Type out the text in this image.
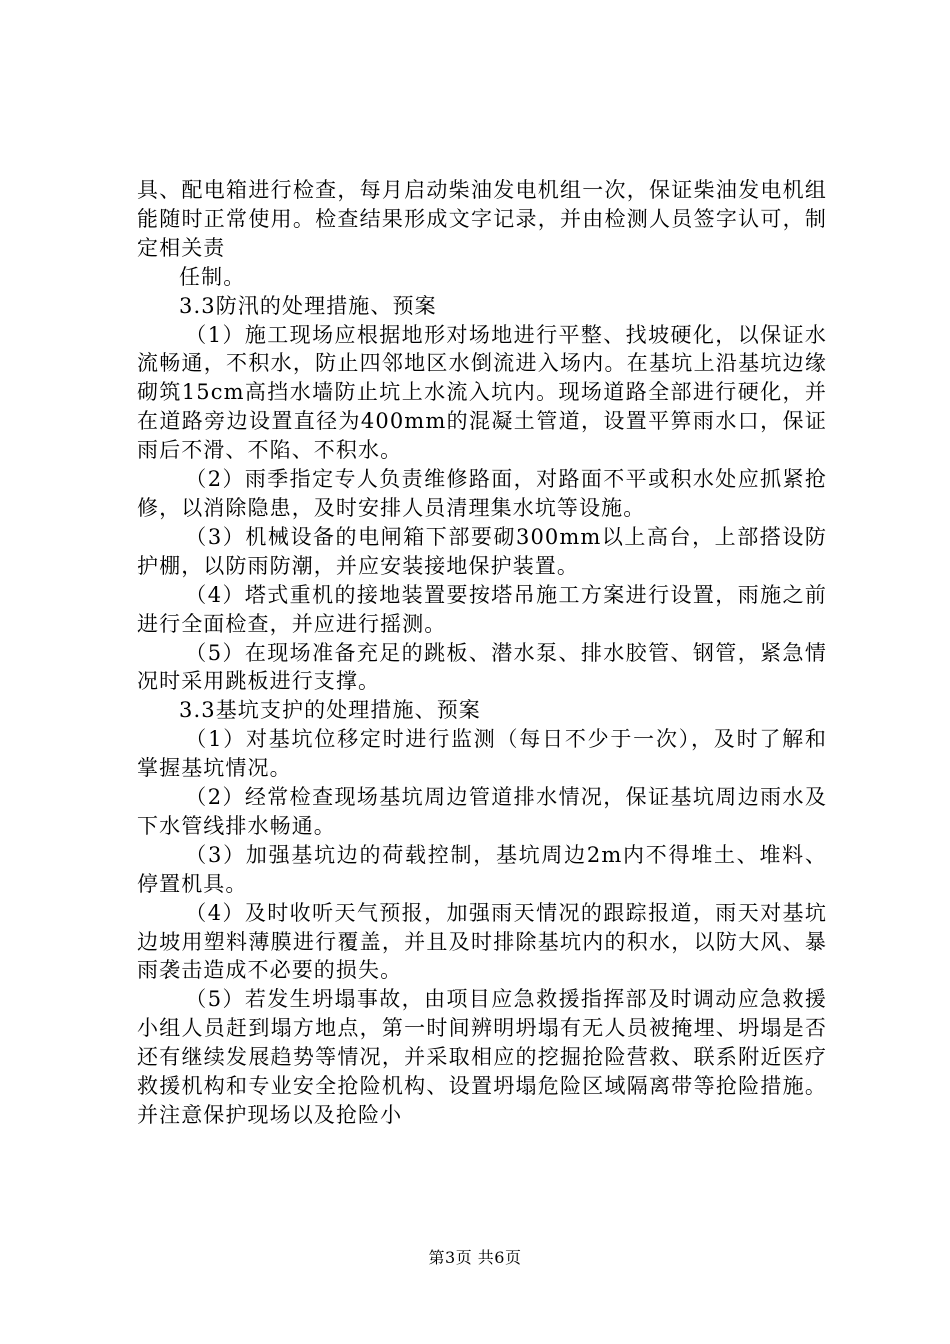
具、配电箱进行检查，每月启动柴油发电机组一次，保证柴油发电机组能随时正常使用。检查结果形成文字记录，并由检测人员签字认可，制定相关责

任制。

3.3防汛的处理措施、预案

（1）施工现场应根据地形对场地进行平整、找坡硬化，以保证水流畅通，不积水，防止四邻地区水倒流进入场内。在基坑上沿基坑边缘砌筑15cm高挡水墙防止坑上水流入坑内。现场道路全部进行硬化，并在道路旁边设置直径为400mm的混凝土管道，设置平箅雨水口，保证雨后不滑、不陷、不积水。

（2）雨季指定专人负责维修路面，对路面不平或积水处应抓紧抢修，以消除隐患，及时安排人员清理集水坑等设施。

（3）机械设备的电闸箱下部要砌300mm以上高台，上部搭设防护棚，以防雨防潮，并应安装接地保护装置。

（4）塔式重机的接地装置要按塔吊施工方案进行设置，雨施之前进行全面检查，并应进行摇测。

（5）在现场准备充足的跳板、潜水泵、排水胶管、钢管，紧急情况时采用跳板进行支撑。

3.3基坑支护的处理措施、预案

（1）对基坑位移定时进行监测（每日不少于一次），及时了解和掌握基坑情况。

（2）经常检查现场基坑周边管道排水情况，保证基坑周边雨水及下水管线排水畅通。

（3）加强基坑边的荷载控制，基坑周边2m内不得堆土、堆料、停置机具。

（4）及时收听天气预报，加强雨天情况的跟踪报道，雨天对基坑边坡用塑料薄膜进行覆盖，并且及时排除基坑内的积水，以防大风、暴雨袭击造成不必要的损失。

（5）若发生坍塌事故，由项目应急救援指挥部及时调动应急救援小组人员赶到塌方地点，第一时间辨明坍塌有无人员被掩埋、坍塌是否还有继续发展趋势等情况，并采取相应的挖掘抢险营救、联系附近医疗救援机构和专业安全抢险机构、设置坍塌危险区域隔离带等抢险措施。并注意保护现场以及抢险小

第3页 共6页
